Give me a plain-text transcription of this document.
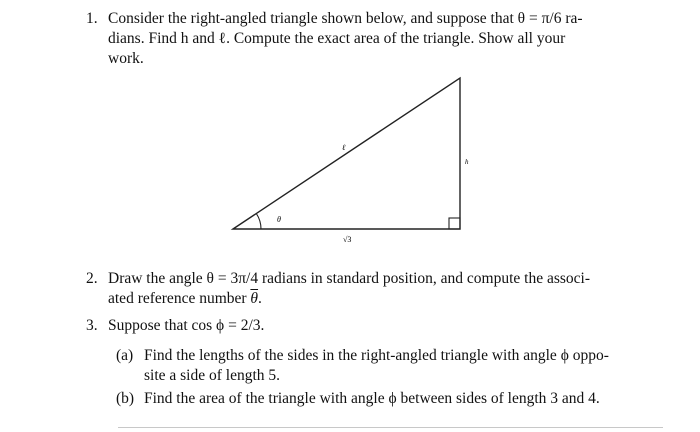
1. Consider the right-angled triangle shown below, and suppose that θ = π/6 ra-
dians. Find h and ℓ. Compute the exact area of the triangle. Show all your
work.
θ
ℓ
h
√3
2. Draw the angle θ = 3π/4 radians in standard position, and compute the associ-
ated reference number $\overline{\theta}$.
3. Suppose that cos ϕ = 2/3.
(a) Find the lengths of the sides in the right-angled triangle with angle ϕ oppo-
site a side of length 5.
(b) Find the area of the triangle with angle ϕ between sides of length 3 and 4.
